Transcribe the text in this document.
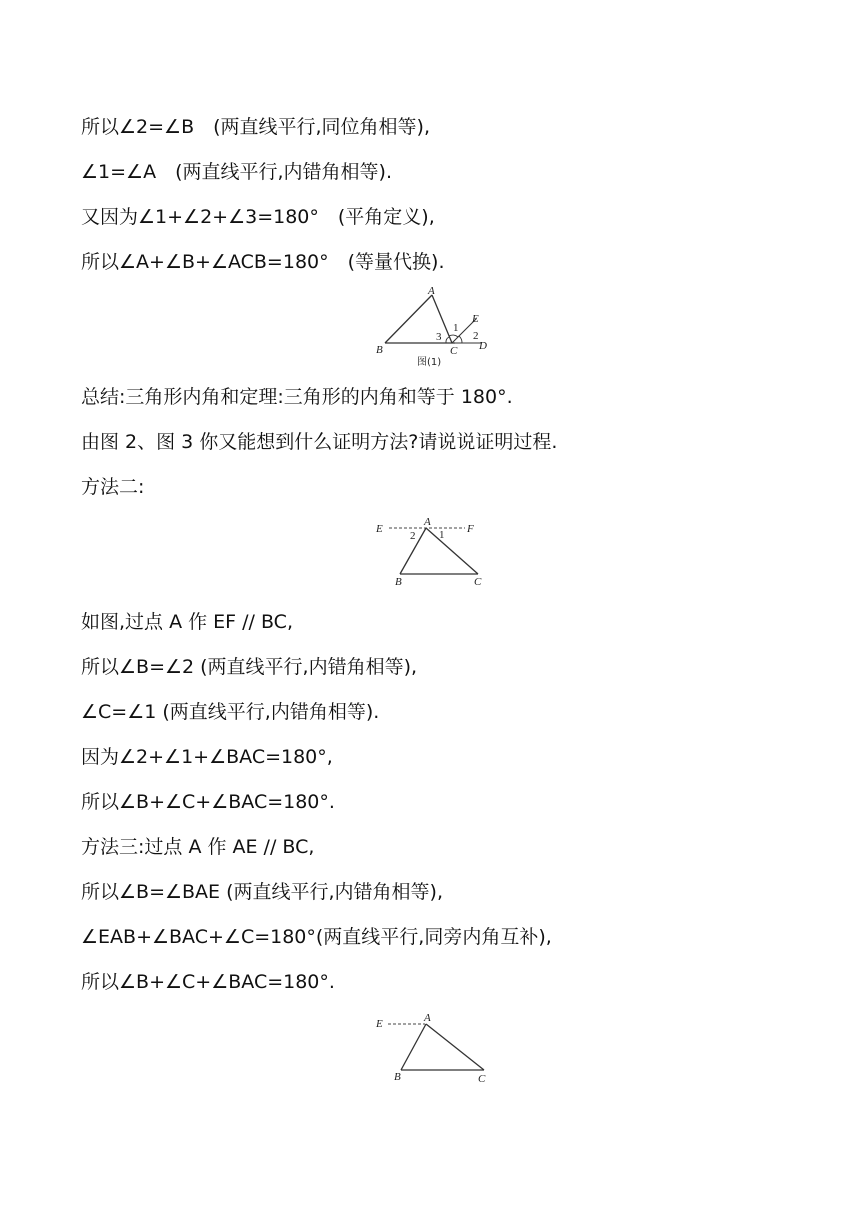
所以∠2=∠B　(两直线平行,同位角相等),
∠1=∠A　(两直线平行,内错角相等).
又因为∠1+∠2+∠3=180°　(平角定义),
所以∠A+∠B+∠ACB=180°　(等量代换).
A
B	C D
E
3
1
2
图(1)
总结:三角形内角和定理:三角形的内角和等于 180°.
由图 2、图 3 你又能想到什么证明方法?请说说证明过程.
方法二:
E
A
F
B	C
2 1
如图,过点 A 作 EF // BC,
所以∠B=∠2 (两直线平行,内错角相等),
∠C=∠1 (两直线平行,内错角相等).
因为∠2+∠1+∠BAC=180°,
所以∠B+∠C+∠BAC=180°.
方法三:过点 A 作 AE // BC,
所以∠B=∠BAE (两直线平行,内错角相等),
∠EAB+∠BAC+∠C=180°(两直线平行,同旁内角互补),
所以∠B+∠C+∠BAC=180°.
E	A
B	C
